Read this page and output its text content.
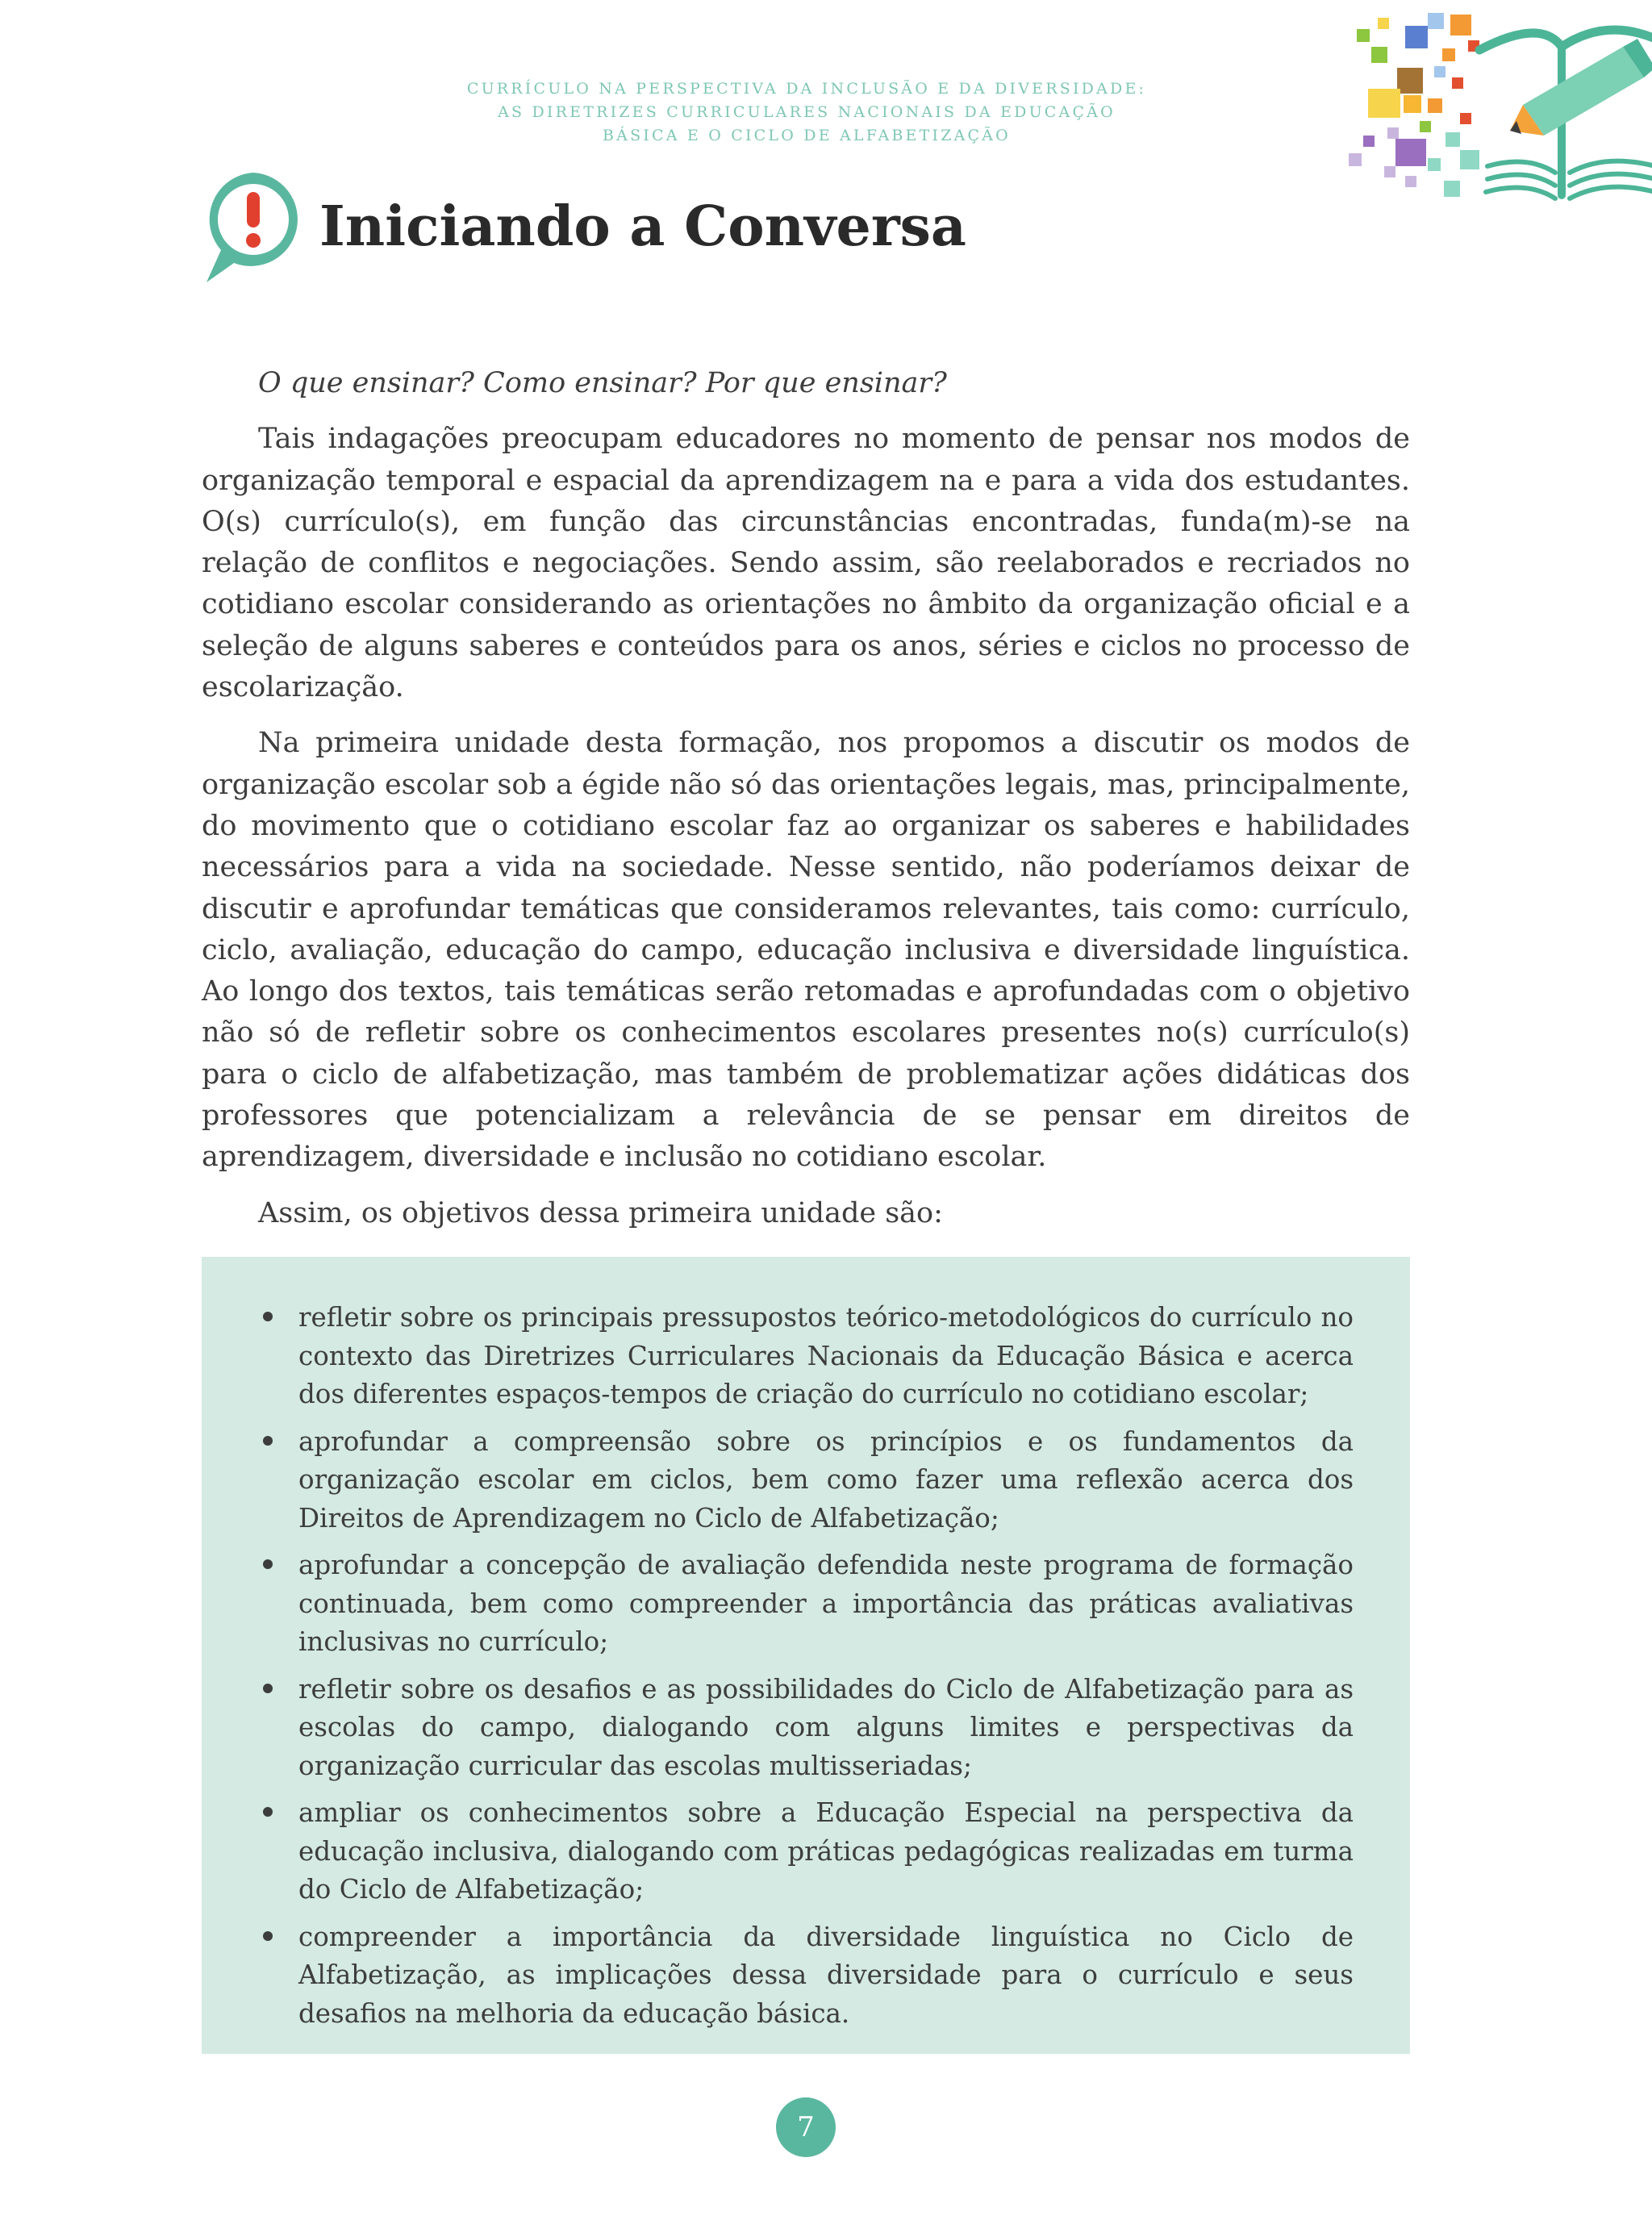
CURRÍCULO NA PERSPECTIVA DA INCLUSÃO E DA DIVERSIDADE:
AS DIRETRIZES CURRICULARES NACIONAIS DA EDUCAÇÃO
BÁSICA E O CICLO DE ALFABETIZAÇÃO
Iniciando a Conversa

O que ensinar? Como ensinar? Por que ensinar?

Tais indagações preocupam educadores no momento de pensar nos modos de organização temporal e espacial da aprendizagem na e para a vida dos estudantes. O(s) currículo(s), em função das circunstâncias encontradas, funda(m)-se na relação de conflitos e negociações. Sendo assim, são reelaborados e recriados no cotidiano escolar considerando as orientações no âmbito da organização oficial e a seleção de alguns saberes e conteúdos para os anos, séries e ciclos no processo de escolarização.

Na primeira unidade desta formação, nos propomos a discutir os modos de organização escolar sob a égide não só das orientações legais, mas, principalmente, do movimento que o cotidiano escolar faz ao organizar os saberes e habilidades necessários para a vida na sociedade. Nesse sentido, não poderíamos deixar de discutir e aprofundar temáticas que consideramos relevantes, tais como: currículo, ciclo, avaliação, educação do campo, educação inclusiva e diversidade linguística. Ao longo dos textos, tais temáticas serão retomadas e aprofundadas com o objetivo não só de refletir sobre os conhecimentos escolares presentes no(s) currículo(s) para o ciclo de alfabetização, mas também de problematizar ações didáticas dos professores que potencializam a relevância de se pensar em direitos de aprendizagem, diversidade e inclusão no cotidiano escolar.

Assim, os objetivos dessa primeira unidade são:

refletir sobre os principais pressupostos teórico-metodológicos do currículo no contexto das Diretrizes Curriculares Nacionais da Educação Básica e acerca dos diferentes espaços-tempos de criação do currículo no cotidiano escolar;
aprofundar a compreensão sobre os princípios e os fundamentos da organização escolar em ciclos, bem como fazer uma reflexão acerca dos Direitos de Aprendizagem no Ciclo de Alfabetização;
aprofundar a concepção de avaliação defendida neste programa de formação continuada, bem como compreender a importância das práticas avaliativas inclusivas no currículo;
refletir sobre os desafios e as possibilidades do Ciclo de Alfabetização para as escolas do campo, dialogando com alguns limites e perspectivas da organização curricular das escolas multisseriadas;
ampliar os conhecimentos sobre a Educação Especial na perspectiva da educação inclusiva, dialogando com práticas pedagógicas realizadas em turma do Ciclo de Alfabetização;
compreender a importância da diversidade linguística no Ciclo de Alfabetização, as implicações dessa diversidade para o currículo e seus desafios na melhoria da educação básica.
7
